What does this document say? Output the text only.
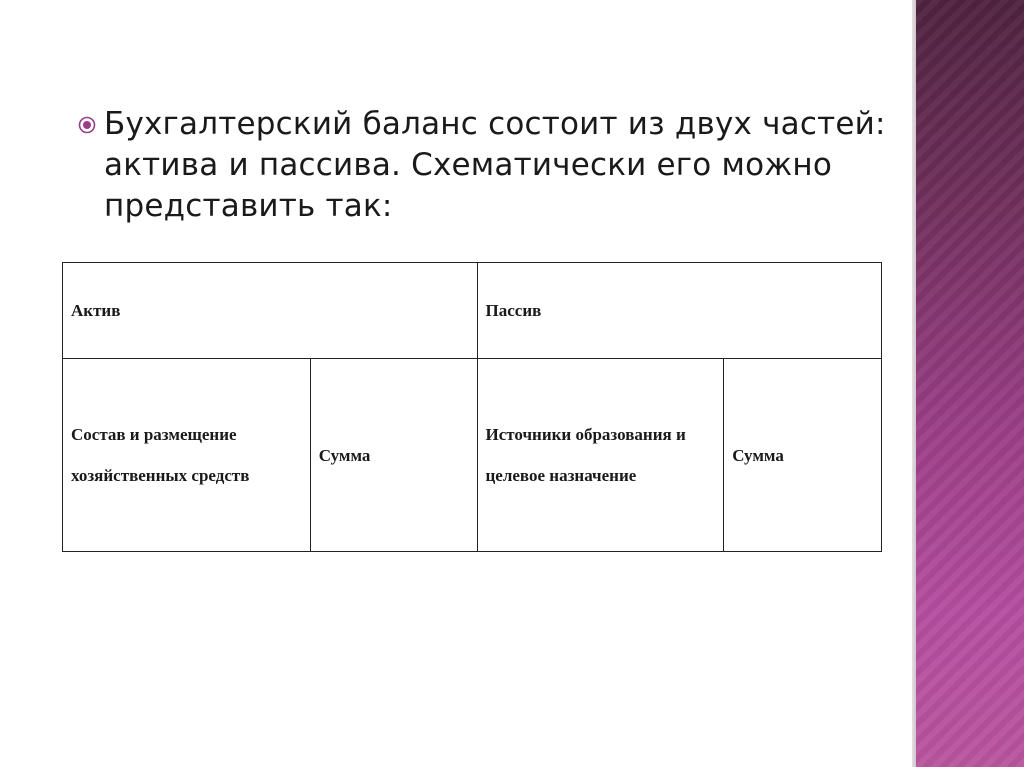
Бухгалтерский баланс состоит из двух частей: актива и пассива. Схематически его можно представить так:
Актив		Пассив	

Состав и размещение хозяйственных средств	Сумма	Источники образования и целевое назначение	Сумма
